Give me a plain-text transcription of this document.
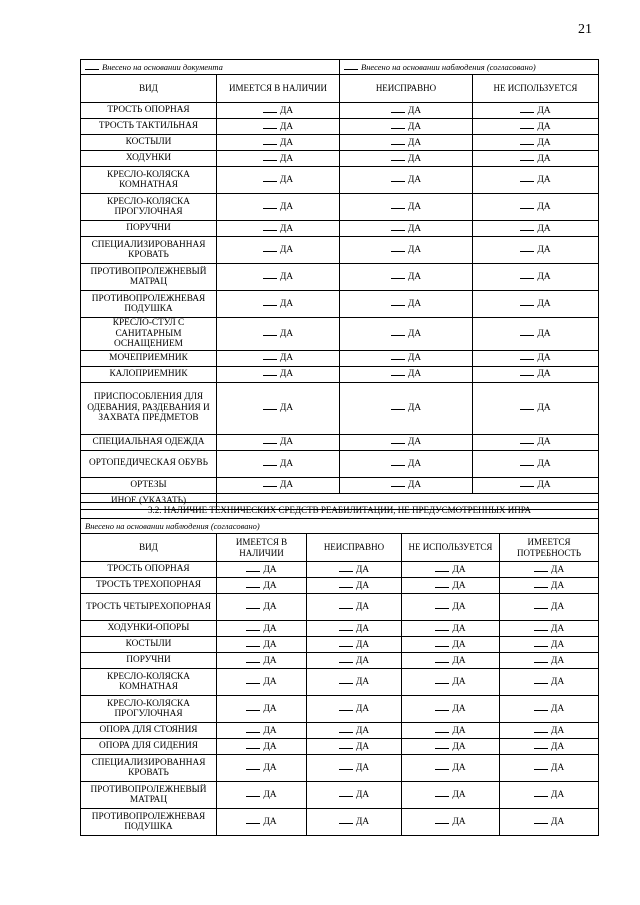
21
Внесено на основании документа		Внесено на основании наблюдения (согласовано)	
ВИД	ИМЕЕТСЯ В НАЛИЧИИ	НЕИСПРАВНО	НЕ ИСПОЛЬЗУЕТСЯ
ТРОСТЬ ОПОРНАЯ	ДА	ДА	ДА
ТРОСТЬ ТАКТИЛЬНАЯ	ДА	ДА	ДА
КОСТЫЛИ	ДА	ДА	ДА
ХОДУНКИ	ДА	ДА	ДА
КРЕСЛО-КОЛЯСКА КОМНАТНАЯ	ДА	ДА	ДА
КРЕСЛО-КОЛЯСКА ПРОГУЛОЧНАЯ	ДА	ДА	ДА
ПОРУЧНИ	ДА	ДА	ДА
СПЕЦИАЛИЗИРОВАННАЯ КРОВАТЬ	ДА	ДА	ДА
ПРОТИВОПРОЛЕЖНЕВЫЙ МАТРАЦ	ДА	ДА	ДА
ПРОТИВОПРОЛЕЖНЕВАЯ ПОДУШКА	ДА	ДА	ДА
КРЕСЛО-СТУЛ С САНИТАРНЫМ ОСНАЩЕНИЕМ	ДА	ДА	ДА
МОЧЕПРИЕМНИК	ДА	ДА	ДА
КАЛОПРИЕМНИК	ДА	ДА	ДА
ПРИСПОСОБЛЕНИЯ ДЛЯ ОДЕВАНИЯ, РАЗДЕВАНИЯ И ЗАХВАТА ПРЕДМЕТОВ	ДА	ДА	ДА
СПЕЦИАЛЬНАЯ ОДЕЖДА	ДА	ДА	ДА
ОРТОПЕДИЧЕСКАЯ ОБУВЬ	ДА	ДА	ДА
ОРТЕЗЫ	ДА	ДА	ДА
ИНОЕ (УКАЗАТЬ)			
3.2. НАЛИЧИЕ ТЕХНИЧЕСКИХ СРЕДСТВ РЕАБИЛИТАЦИИ, НЕ ПРЕДУСМОТРЕННЫХ ИПРА				
Внесено на основании наблюдения (согласовано)				
ВИД	ИМЕЕТСЯ В НАЛИЧИИ	НЕИСПРАВНО	НЕ ИСПОЛЬЗУЕТСЯ	ИМЕЕТСЯ ПОТРЕБНОСТЬ
ТРОСТЬ ОПОРНАЯ	ДА	ДА	ДА	ДА
ТРОСТЬ ТРЕХОПОРНАЯ	ДА	ДА	ДА	ДА
ТРОСТЬ ЧЕТЫРЕХОПОРНАЯ	ДА	ДА	ДА	ДА
ХОДУНКИ-ОПОРЫ	ДА	ДА	ДА	ДА
КОСТЫЛИ	ДА	ДА	ДА	ДА
ПОРУЧНИ	ДА	ДА	ДА	ДА
КРЕСЛО-КОЛЯСКА КОМНАТНАЯ	ДА	ДА	ДА	ДА
КРЕСЛО-КОЛЯСКА ПРОГУЛОЧНАЯ	ДА	ДА	ДА	ДА
ОПОРА ДЛЯ СТОЯНИЯ	ДА	ДА	ДА	ДА
ОПОРА ДЛЯ СИДЕНИЯ	ДА	ДА	ДА	ДА
СПЕЦИАЛИЗИРОВАННАЯ КРОВАТЬ	ДА	ДА	ДА	ДА
ПРОТИВОПРОЛЕЖНЕВЫЙ МАТРАЦ	ДА	ДА	ДА	ДА
ПРОТИВОПРОЛЕЖНЕВАЯ ПОДУШКА	ДА	ДА	ДА	ДА
